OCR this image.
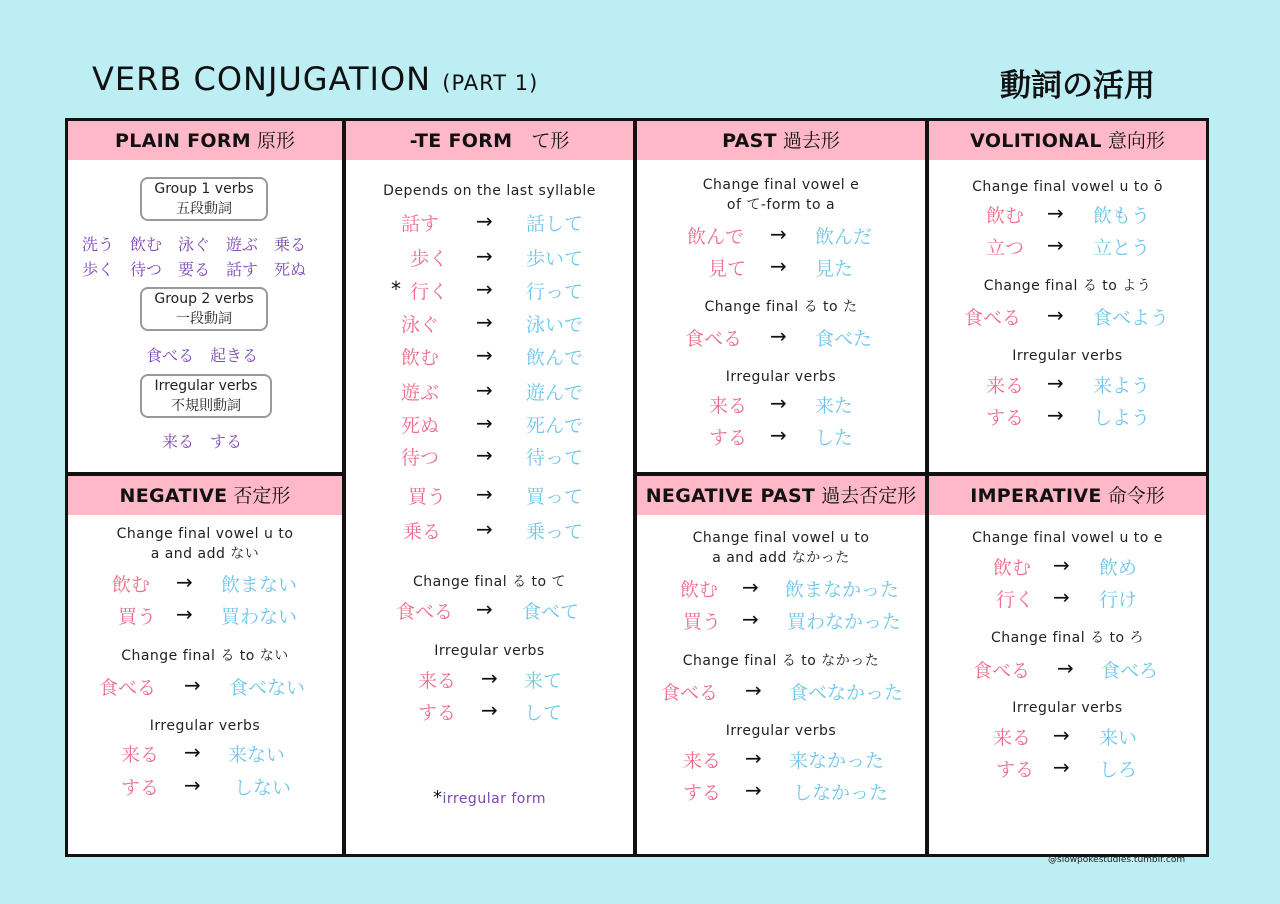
VERB CONJUGATION (PART 1)	動詞の活用
PLAIN FORM 原形
Group 1 verbs
五段動詞
洗う　飲む　泳ぐ　遊ぶ　乗る
歩く　待つ　要る　話す　死ぬ
Group 2 verbs
一段動詞
食べる　起きる
Irregular verbs
不規則動詞
来る　する
NEGATIVE 否定形
Change final vowel u to
a and add ない
飲む → 飲まない
買う → 買わない
Change final る to ない
食べる → 食べない
Irregular verbs
来る → 来ない
する → しない
-TE FORM　 て形
Depends on the last syllable
話す → 話して
歩く → 歩いて
* 行く → 行って
泳ぐ → 泳いで
飲む → 飲んで
遊ぶ → 遊んで
死ぬ → 死んで
待つ → 待って
買う → 買って
乗る → 乗って
Change final る to て
食べる → 食べて
Irregular verbs
来る → 来て
する → して
*irregular form
PAST 過去形
Change final vowel e
of て-form to a
飲んで → 飲んだ
見て → 見た
Change final る to た
食べる → 食べた
Irregular verbs
来る → 来た
する → した
NEGATIVE PAST 過去否定形
Change final vowel u to
a and add なかった
飲む → 飲まなかった
買う → 買わなかった
Change final る to なかった
食べる → 食べなかった
Irregular verbs
来る → 来なかった
する → しなかった
VOLITIONAL 意向形
Change final vowel u to ō
飲む → 飲もう
立つ → 立とう
Change final る to よう
食べる → 食べよう
Irregular verbs
来る → 来よう
する → しよう
IMPERATIVE 命令形
Change final vowel u to e
飲む → 飲め
行く → 行け
Change final る to ろ
食べる → 食べろ
Irregular verbs
来る → 来い
する → しろ
@slowpokestudies.tumblr.com
